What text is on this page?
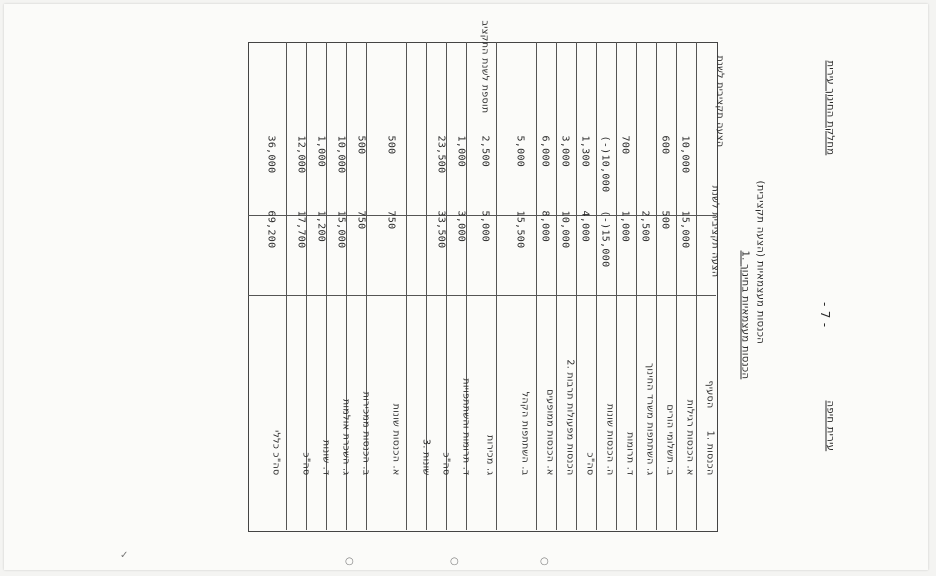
מחלקת החינוך עירית
- 7 -
עירית חיפה
1. הכנסות מעצמאיות בחינוך
(הצעה תקציבית) הכנסות מעצמאיות
הצעה תקציבית לשנת
הצעה תקציבית לשנת
הסעיף
1. הכנסות
א. הכנסות רגילות
10,000
15,000
ב. תשלומי הורים
600
500
ג. השתתפות משרד החינוך
2,500
ד. תרומות
700
1,000
ה. הכנסות שונות
(-)10,000
(-)15,000
סה"כ
1,300
4,000
2. הכנסות מפעולות תרבות
3,000
10,000
א. הכנסות ממופעים
6,000
8,000
ב. השתתפות הקהל
5,000
15,500
ג. מכירות
2,500
5,000
ד. תרומות והשתתפויות
1,000
3,000
סה"כ
23,500
33,500
3. שונות
א. הכנסות שונות
500
750
ב. הכנסות ממכירות
500
750
ג. השכרת אולמות
10,000
15,000
ד. שונות
1,000
1,200
סה"כ
12,000
17,700
סה"כ כללי
36,000
69,200
תוספת לשנת התקציב
✓
○	○	○
